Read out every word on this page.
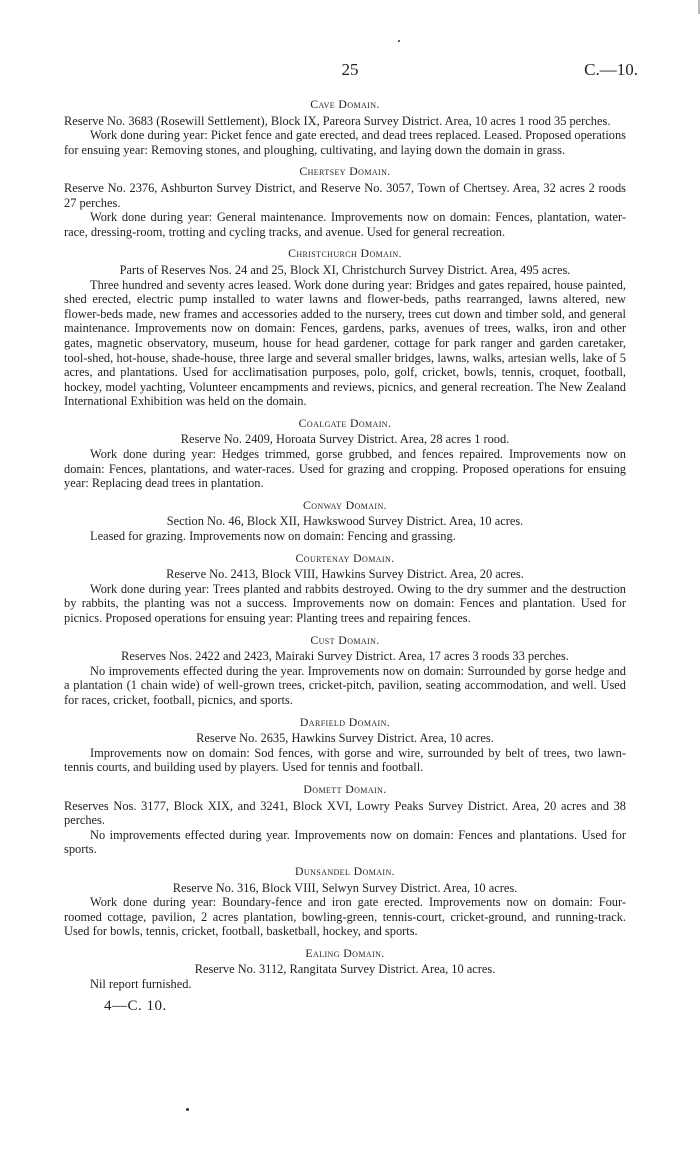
25	C.—10.
Cave Domain.

Reserve No. 3683 (Rosewill Settlement), Block IX, Pareora Survey District. Area, 10 acres 1 rood 35 perches.

Work done during year: Picket fence and gate erected, and dead trees replaced. Leased. Proposed operations for ensuing year: Removing stones, and ploughing, cultivating, and laying down the domain in grass.

Chertsey Domain.

Reserve No. 2376, Ashburton Survey District, and Reserve No. 3057, Town of Chertsey. Area, 32 acres 2 roods 27 perches.

Work done during year: General maintenance. Improvements now on domain: Fences, plantation, water-race, dressing-room, trotting and cycling tracks, and avenue. Used for general recreation.

Christchurch Domain.

Parts of Reserves Nos. 24 and 25, Block XI, Christchurch Survey District. Area, 495 acres.

Three hundred and seventy acres leased. Work done during year: Bridges and gates repaired, house painted, shed erected, electric pump installed to water lawns and flower-beds, paths rearranged, lawns altered, new flower-beds made, new frames and accessories added to the nursery, trees cut down and timber sold, and general maintenance. Improvements now on domain: Fences, gardens, parks, avenues of trees, walks, iron and other gates, magnetic observatory, museum, house for head gardener, cottage for park ranger and garden caretaker, tool-shed, hot-house, shade-house, three large and several smaller bridges, lawns, walks, artesian wells, lake of 5 acres, and plantations. Used for acclimatisation purposes, polo, golf, cricket, bowls, tennis, croquet, football, hockey, model yachting, Volunteer encampments and reviews, picnics, and general recreation. The New Zealand International Exhibition was held on the domain.

Coalgate Domain.

Reserve No. 2409, Horoata Survey District. Area, 28 acres 1 rood.

Work done during year: Hedges trimmed, gorse grubbed, and fences repaired. Improvements now on domain: Fences, plantations, and water-races. Used for grazing and cropping. Proposed operations for ensuing year: Replacing dead trees in plantation.

Conway Domain.

Section No. 46, Block XII, Hawkswood Survey District. Area, 10 acres.

Leased for grazing. Improvements now on domain: Fencing and grassing.

Courtenay Domain.

Reserve No. 2413, Block VIII, Hawkins Survey District. Area, 20 acres.

Work done during year: Trees planted and rabbits destroyed. Owing to the dry summer and the destruction by rabbits, the planting was not a success. Improvements now on domain: Fences and plantation. Used for picnics. Proposed operations for ensuing year: Planting trees and repairing fences.

Cust Domain.

Reserves Nos. 2422 and 2423, Mairaki Survey District. Area, 17 acres 3 roods 33 perches.

No improvements effected during the year. Improvements now on domain: Surrounded by gorse hedge and a plantation (1 chain wide) of well-grown trees, cricket-pitch, pavilion, seating accommodation, and well. Used for races, cricket, football, picnics, and sports.

Darfield Domain.

Reserve No. 2635, Hawkins Survey District. Area, 10 acres.

Improvements now on domain: Sod fences, with gorse and wire, surrounded by belt of trees, two lawn-tennis courts, and building used by players. Used for tennis and football.

Domett Domain.

Reserves Nos. 3177, Block XIX, and 3241, Block XVI, Lowry Peaks Survey District. Area, 20 acres and 38 perches.

No improvements effected during year. Improvements now on domain: Fences and plantations. Used for sports.

Dunsandel Domain.

Reserve No. 316, Block VIII, Selwyn Survey District. Area, 10 acres.

Work done during year: Boundary-fence and iron gate erected. Improvements now on domain: Four-roomed cottage, pavilion, 2 acres plantation, bowling-green, tennis-court, cricket-ground, and running-track. Used for bowls, tennis, cricket, football, basketball, hockey, and sports.

Ealing Domain.

Reserve No. 3112, Rangitata Survey District. Area, 10 acres.

Nil report furnished.

4—C. 10.
